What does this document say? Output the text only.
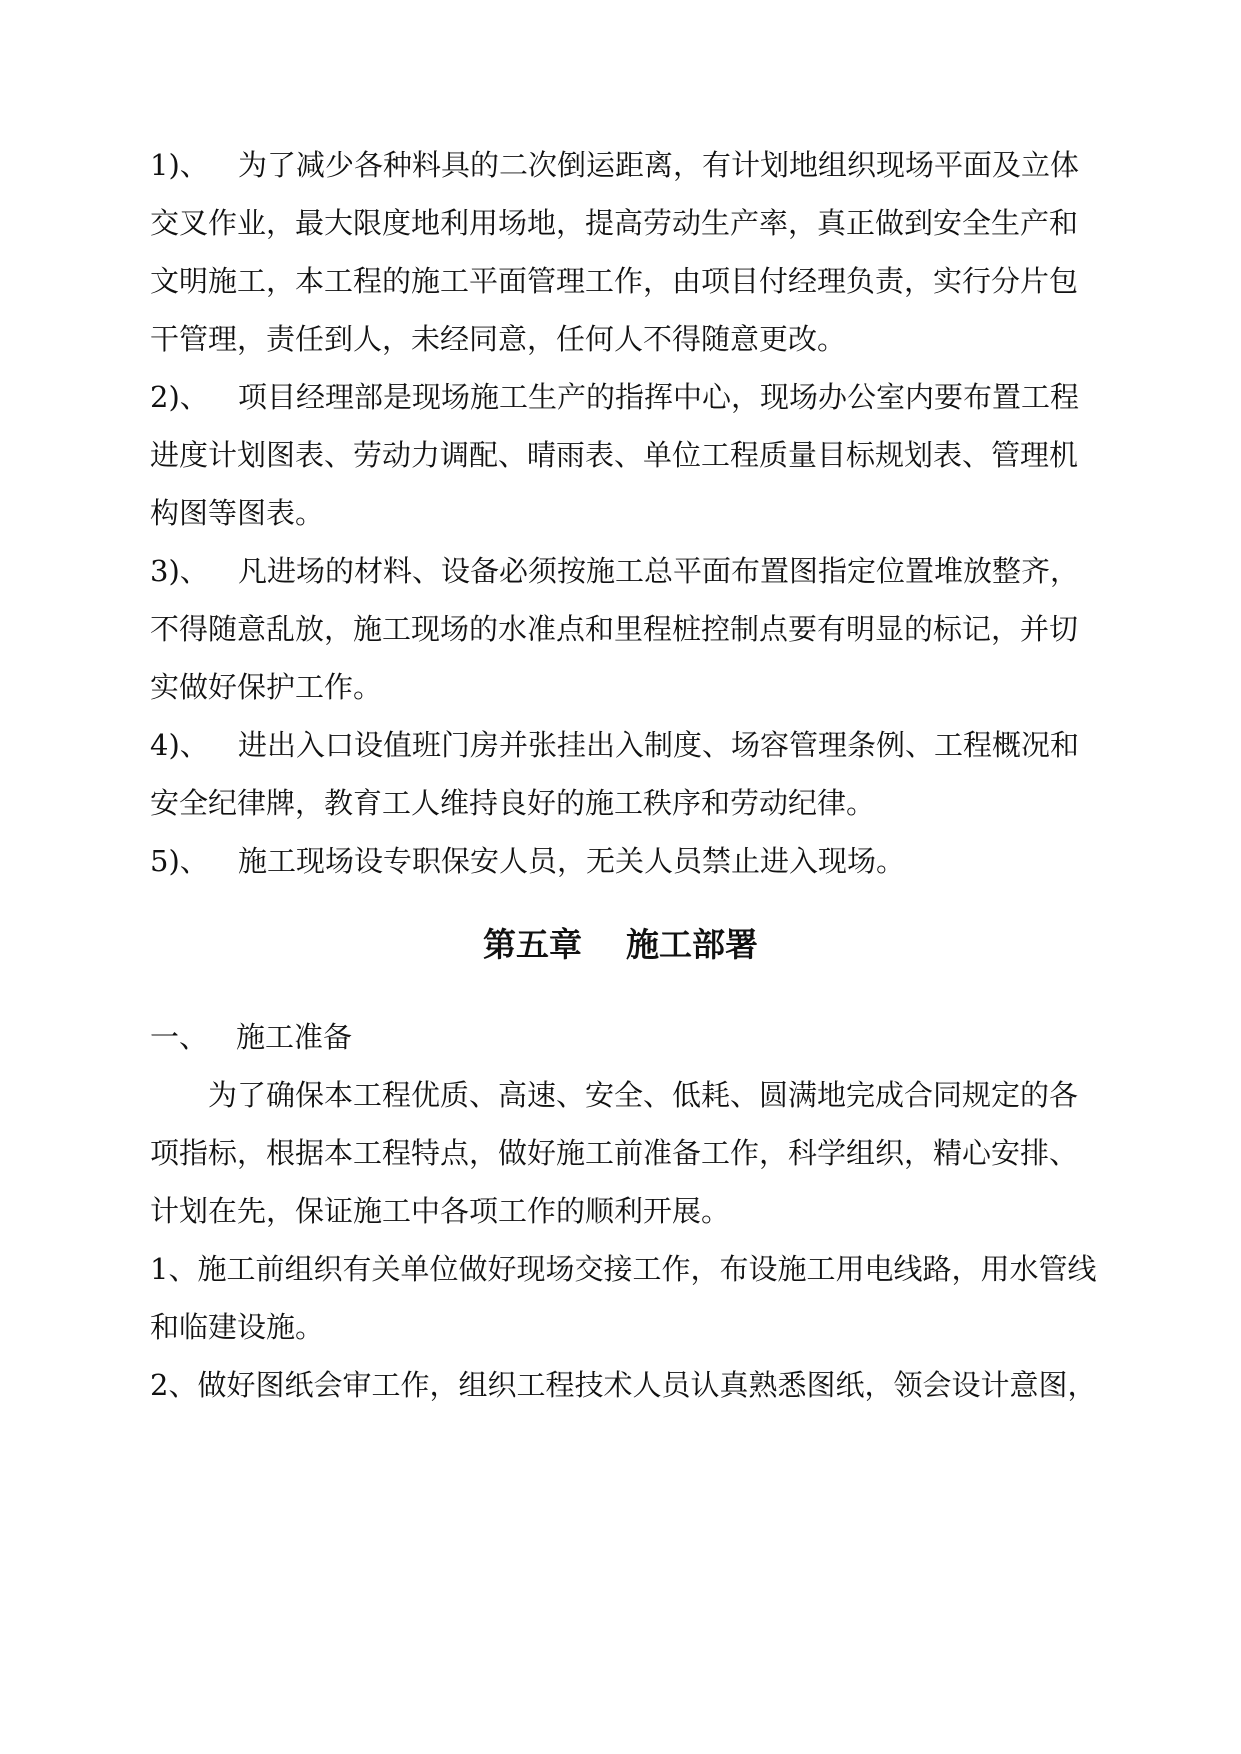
1)、 为了减少各种料具的二次倒运距离，有计划地组织现场平面及立体
交叉作业，最大限度地利用场地，提高劳动生产率，真正做到安全生产和
文明施工，本工程的施工平面管理工作，由项目付经理负责，实行分片包
干管理，责任到人，未经同意，任何人不得随意更改。
2)、 项目经理部是现场施工生产的指挥中心，现场办公室内要布置工程
进度计划图表、劳动力调配、晴雨表、单位工程质量目标规划表、管理机
构图等图表。
3)、 凡进场的材料、设备必须按施工总平面布置图指定位置堆放整齐，
不得随意乱放，施工现场的水准点和里程桩控制点要有明显的标记，并切
实做好保护工作。
4)、 进出入口设值班门房并张挂出入制度、场容管理条例、工程概况和
安全纪律牌，教育工人维持良好的施工秩序和劳动纪律。
5)、 施工现场设专职保安人员，无关人员禁止进入现场。
第五章 施工部署
一、 施工准备
为了确保本工程优质、高速、安全、低耗、圆满地完成合同规定的各
项指标，根据本工程特点，做好施工前准备工作，科学组织，精心安排、
计划在先，保证施工中各项工作的顺利开展。
1、施工前组织有关单位做好现场交接工作，布设施工用电线路，用水管线
和临建设施。
2、做好图纸会审工作，组织工程技术人员认真熟悉图纸，领会设计意图，
